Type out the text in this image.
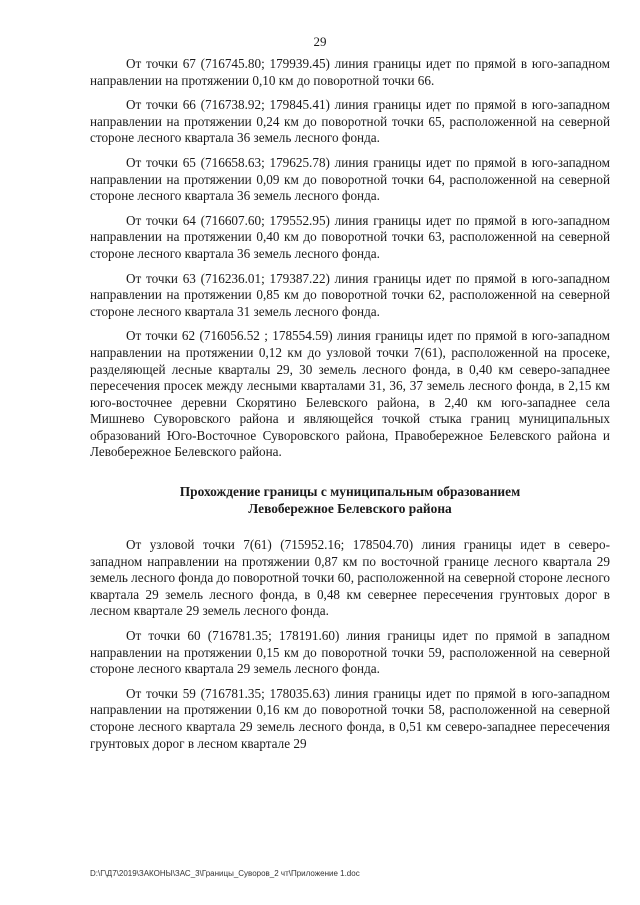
29

От точки 67 (716745.80; 179939.45) линия границы идет по прямой в юго-западном направлении на протяжении 0,10 км до поворотной точки 66.

От точки 66 (716738.92; 179845.41) линия границы идет по прямой в юго-западном направлении на протяжении 0,24 км до поворотной точки 65, расположенной на северной стороне лесного квартала 36 земель лесного фонда.

От точки 65 (716658.63; 179625.78) линия границы идет по прямой в юго-западном направлении на протяжении 0,09 км до поворотной точки 64, расположенной на северной стороне лесного квартала 36 земель лесного фонда.

От точки 64 (716607.60; 179552.95) линия границы идет по прямой в юго-западном направлении на протяжении 0,40 км до поворотной точки 63, расположенной на северной стороне лесного квартала 36 земель лесного фонда.

От точки 63 (716236.01; 179387.22) линия границы идет по прямой в юго-западном направлении на протяжении 0,85 км до поворотной точки 62, расположенной на северной стороне лесного квартала 31 земель лесного фонда.

От точки 62 (716056.52 ; 178554.59) линия границы идет по прямой в юго-западном направлении на протяжении 0,12 км до узловой точки 7(61), расположенной на просеке, разделяющей лесные кварталы 29, 30 земель лесного фонда, в 0,40 км северо-западнее пересечения просек между лесными кварталами 31, 36, 37 земель лесного фонда, в 2,15 км юго-восточнее деревни Скорятино Белевского района, в 2,40 км юго-западнее села Мишнево Суворовского района и являющейся точкой стыка границ муниципальных образований Юго-Восточное Суворовского района, Правобережное Белевского района и Левобережное Белевского района.

Прохождение границы с муниципальным образованием
Левобережное Белевского района

От узловой точки 7(61) (715952.16; 178504.70) линия границы идет в северо-западном направлении на протяжении 0,87 км по восточной границе лесного квартала 29 земель лесного фонда до поворотной точки 60, расположенной на северной стороне лесного квартала 29 земель лесного фонда, в 0,48 км севернее пересечения грунтовых дорог в лесном квартале 29 земель лесного фонда.

От точки 60 (716781.35; 178191.60) линия границы идет по прямой в западном направлении на протяжении 0,15 км до поворотной точки 59, расположенной на северной стороне лесного квартала 29 земель лесного фонда.

От точки 59 (716781.35; 178035.63) линия границы идет по прямой в юго-западном направлении на протяжении 0,16 км до поворотной точки 58, расположенной на северной стороне лесного квартала 29 земель лесного фонда, в 0,51 км северо-западнее пересечения грунтовых дорог в лесном квартале 29

D:\Г\Д7\2019\ЗАКОНЫ\ЗАС_3\Границы_Суворов_2 чт\Приложение 1.doc
